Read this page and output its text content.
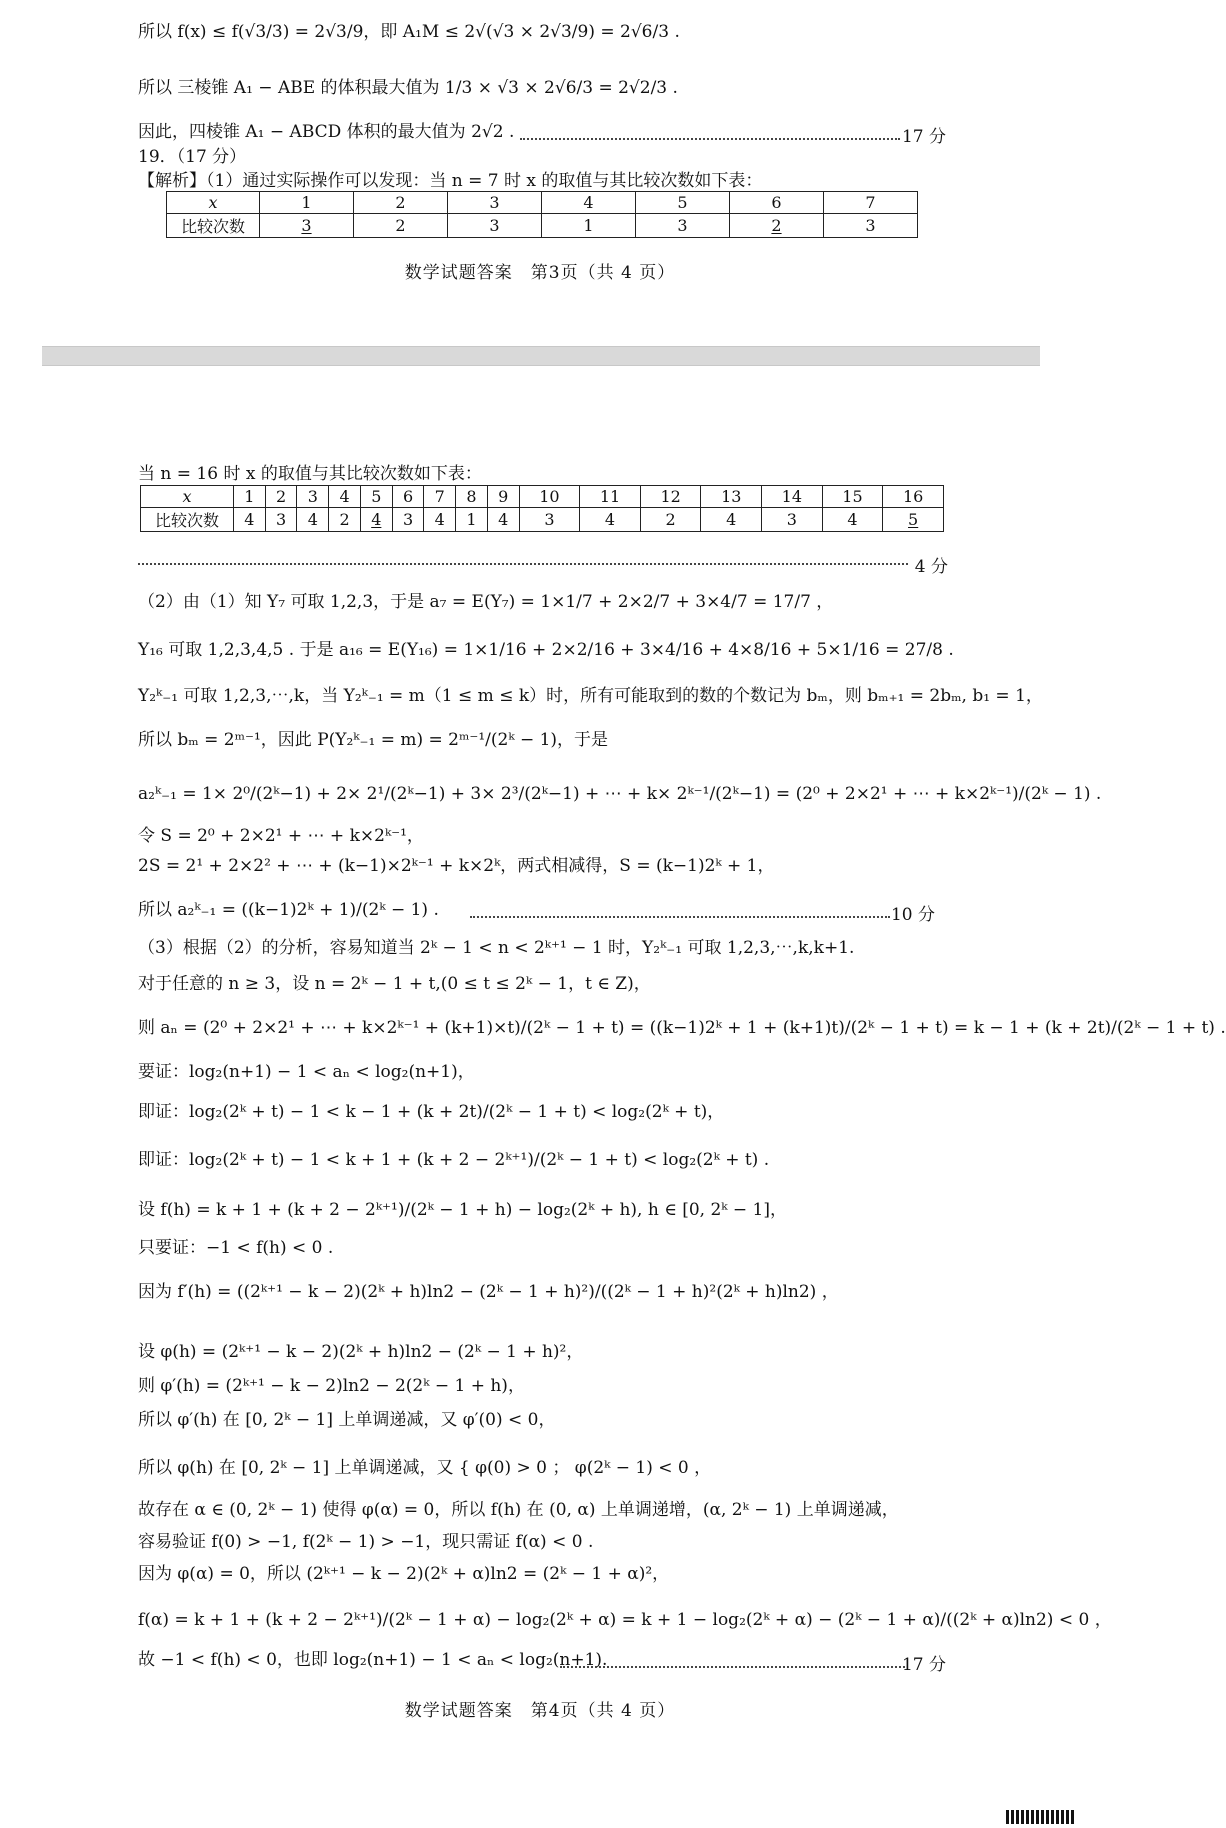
所以 f(x) ≤ f(√3/3) = 2√3/9，即 A₁M ≤ 2√(√3 × 2√3/9) = 2√6/3 .
所以 三棱锥 A₁ − ABE 的体积最大值为 1/3 × √3 × 2√6/3 = 2√2/3 .
因此，四棱锥 A₁ − ABCD 体积的最大值为 2√2 .	17 分
19．（17 分）
【解析】（1）通过实际操作可以发现：当 n = 7 时 x 的取值与其比较次数如下表：
x	1	2	3	4	5	6	7
比较次数	3	2	3	1	3	2	3
数学试题答案　第3页（共 4 页）
当 n = 16 时 x 的取值与其比较次数如下表：
x	1	2	3	4	5	6	7	8	9	10	11	12	13	14	15	16
比较次数	4	3	4	2	4	3	4	1	4	3	4	2	4	3	4	5
4 分
（2）由（1）知 Y₇ 可取 1,2,3，于是 a₇ = E(Y₇) = 1×1/7 + 2×2/7 + 3×4/7 = 17/7 ，
Y₁₆ 可取 1,2,3,4,5 . 于是 a₁₆ = E(Y₁₆) = 1×1/16 + 2×2/16 + 3×4/16 + 4×8/16 + 5×1/16 = 27/8 .
Y₂ᵏ₋₁ 可取 1,2,3,⋯,k，当 Y₂ᵏ₋₁ = m（1 ≤ m ≤ k）时，所有可能取到的数的个数记为 bₘ，则 bₘ₊₁ = 2bₘ, b₁ = 1，
所以 bₘ = 2ᵐ⁻¹，因此 P(Y₂ᵏ₋₁ = m) = 2ᵐ⁻¹/(2ᵏ − 1)，于是
a₂ᵏ₋₁ = 1× 2⁰/(2ᵏ−1) + 2× 2¹/(2ᵏ−1) + 3× 2³/(2ᵏ−1) + ⋯ + k× 2ᵏ⁻¹/(2ᵏ−1) = (2⁰ + 2×2¹ + ⋯ + k×2ᵏ⁻¹)/(2ᵏ − 1) .
令 S = 2⁰ + 2×2¹ + ⋯ + k×2ᵏ⁻¹，
2S = 2¹ + 2×2² + ⋯ + (k−1)×2ᵏ⁻¹ + k×2ᵏ，两式相减得，S = (k−1)2ᵏ + 1，
所以 a₂ᵏ₋₁ = ((k−1)2ᵏ + 1)/(2ᵏ − 1) .	10 分
（3）根据（2）的分析，容易知道当 2ᵏ − 1 < n < 2ᵏ⁺¹ − 1 时，Y₂ᵏ₋₁ 可取 1,2,3,⋯,k,k+1.
对于任意的 n ≥ 3，设 n = 2ᵏ − 1 + t,(0 ≤ t ≤ 2ᵏ − 1，t ∈ Z)，
则 aₙ = (2⁰ + 2×2¹ + ⋯ + k×2ᵏ⁻¹ + (k+1)×t)/(2ᵏ − 1 + t) = ((k−1)2ᵏ + 1 + (k+1)t)/(2ᵏ − 1 + t) = k − 1 + (k + 2t)/(2ᵏ − 1 + t) .
要证：log₂(n+1) − 1 < aₙ < log₂(n+1)，
即证：log₂(2ᵏ + t) − 1 < k − 1 + (k + 2t)/(2ᵏ − 1 + t) < log₂(2ᵏ + t)，
即证：log₂(2ᵏ + t) − 1 < k + 1 + (k + 2 − 2ᵏ⁺¹)/(2ᵏ − 1 + t) < log₂(2ᵏ + t) .
设 f(h) = k + 1 + (k + 2 − 2ᵏ⁺¹)/(2ᵏ − 1 + h) − log₂(2ᵏ + h), h ∈ [0, 2ᵏ − 1]，
只要证：−1 < f(h) < 0 .
因为 f′(h) = ((2ᵏ⁺¹ − k − 2)(2ᵏ + h)ln2 − (2ᵏ − 1 + h)²)/((2ᵏ − 1 + h)²(2ᵏ + h)ln2) ，
设 φ(h) = (2ᵏ⁺¹ − k − 2)(2ᵏ + h)ln2 − (2ᵏ − 1 + h)²，
则 φ′(h) = (2ᵏ⁺¹ − k − 2)ln2 − 2(2ᵏ − 1 + h)，
所以 φ′(h) 在 [0, 2ᵏ − 1] 上单调递减，又 φ′(0) < 0，
所以 φ(h) 在 [0, 2ᵏ − 1] 上单调递减，又 { φ(0) > 0 ； φ(2ᵏ − 1) < 0 ，
故存在 α ∈ (0, 2ᵏ − 1) 使得 φ(α) = 0，所以 f(h) 在 (0, α) 上单调递增，(α, 2ᵏ − 1) 上单调递减，
容易验证 f(0) > −1, f(2ᵏ − 1) > −1，现只需证 f(α) < 0 .
因为 φ(α) = 0，所以 (2ᵏ⁺¹ − k − 2)(2ᵏ + α)ln2 = (2ᵏ − 1 + α)²，
f(α) = k + 1 + (k + 2 − 2ᵏ⁺¹)/(2ᵏ − 1 + α) − log₂(2ᵏ + α) = k + 1 − log₂(2ᵏ + α) − (2ᵏ − 1 + α)/((2ᵏ + α)ln2) < 0 ，
故 −1 < f(h) < 0，也即 log₂(n+1) − 1 < aₙ < log₂(n+1).	17 分
数学试题答案　第4页（共 4 页）
